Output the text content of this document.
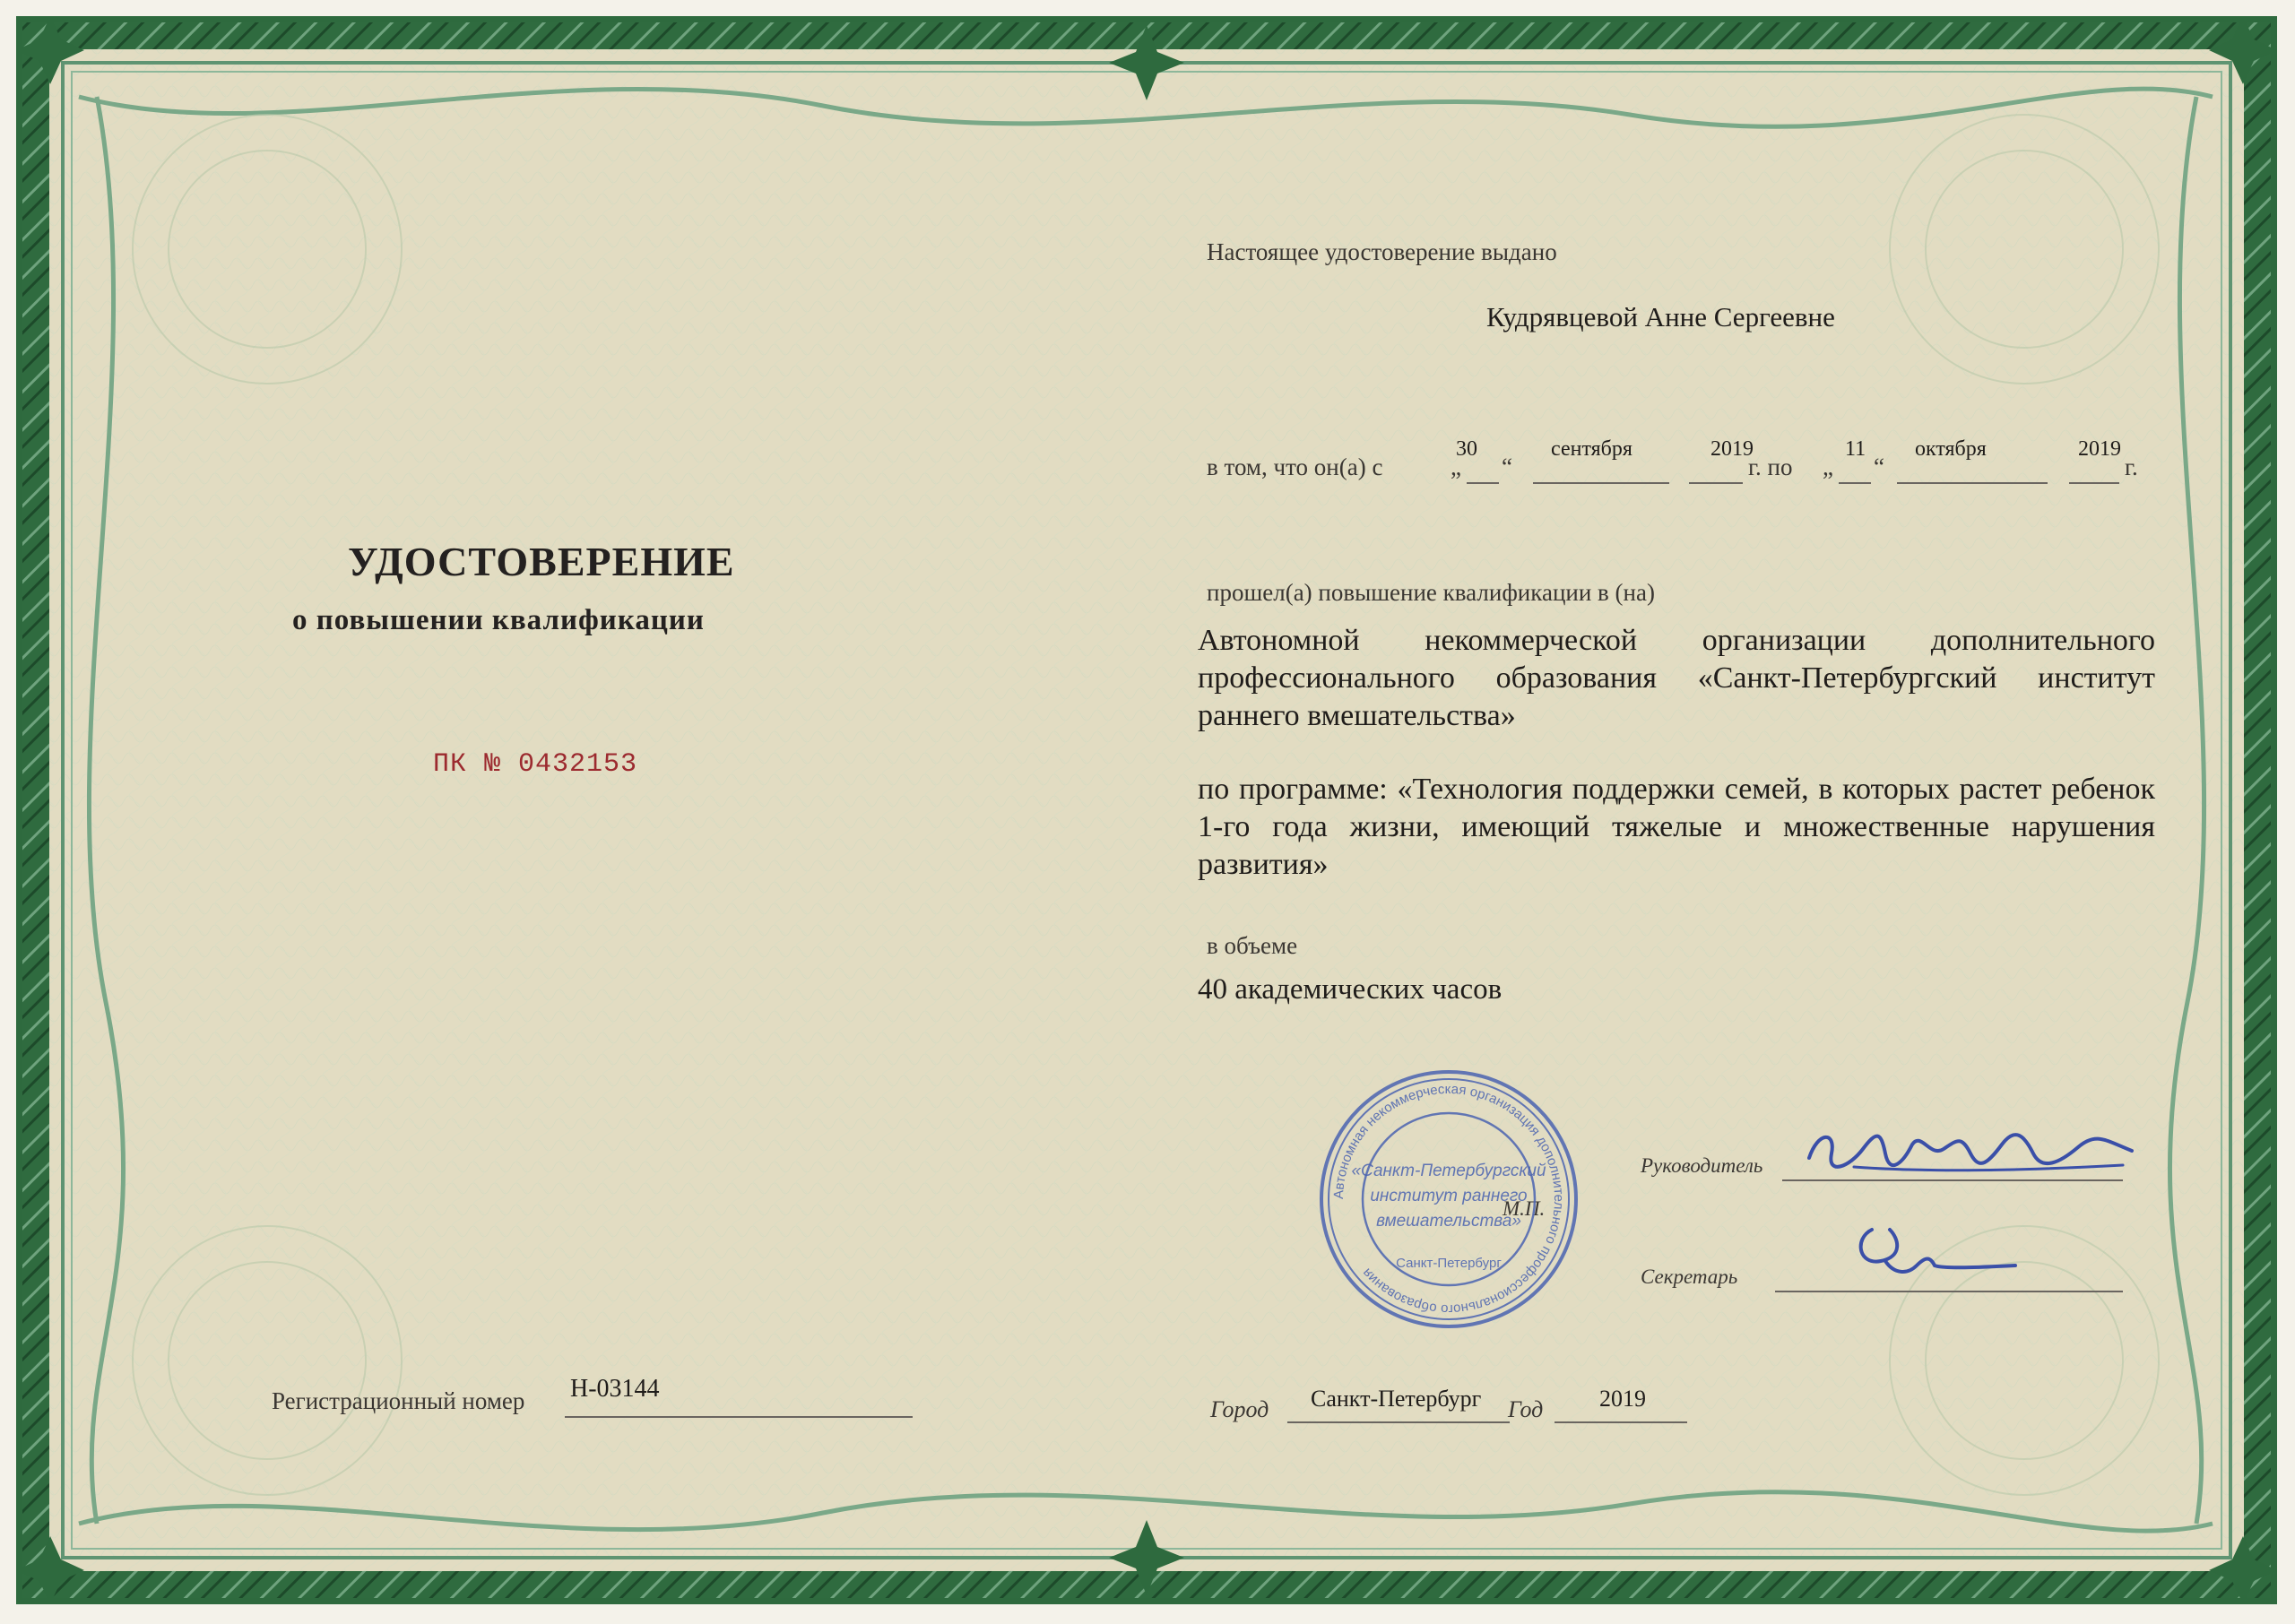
УДОСТОВЕРЕНИЕ
о повышении квалификации
ПК № 0432153
Регистрационный номер Н-03144
Настоящее удостоверение выдано
Кудрявцевой Анне Сергеевне
в том, что он(а) с	„
30
“
сентября	2019
г. по „
11
“
октября	2019
г.
прошел(а) повышение квалификации в (на)
Автономной некоммерческой организации дополнительного профессионального образования «Санкт-Петербургский институт раннего вмешательства»
по программе: «Технология поддержки семей, в которых растет ребенок 1-го года жизни, имеющий тяжелые и множественные нарушения развития»
в объеме
40 академических часов
Руководитель
М.П.
Секретарь
Автономная некоммерческая организация дополнительного профессионального образования
«Санкт-Петербургский
институт раннего
вмешательства»
Санкт-Петербург
Город Санкт-Петербург Год 2019
